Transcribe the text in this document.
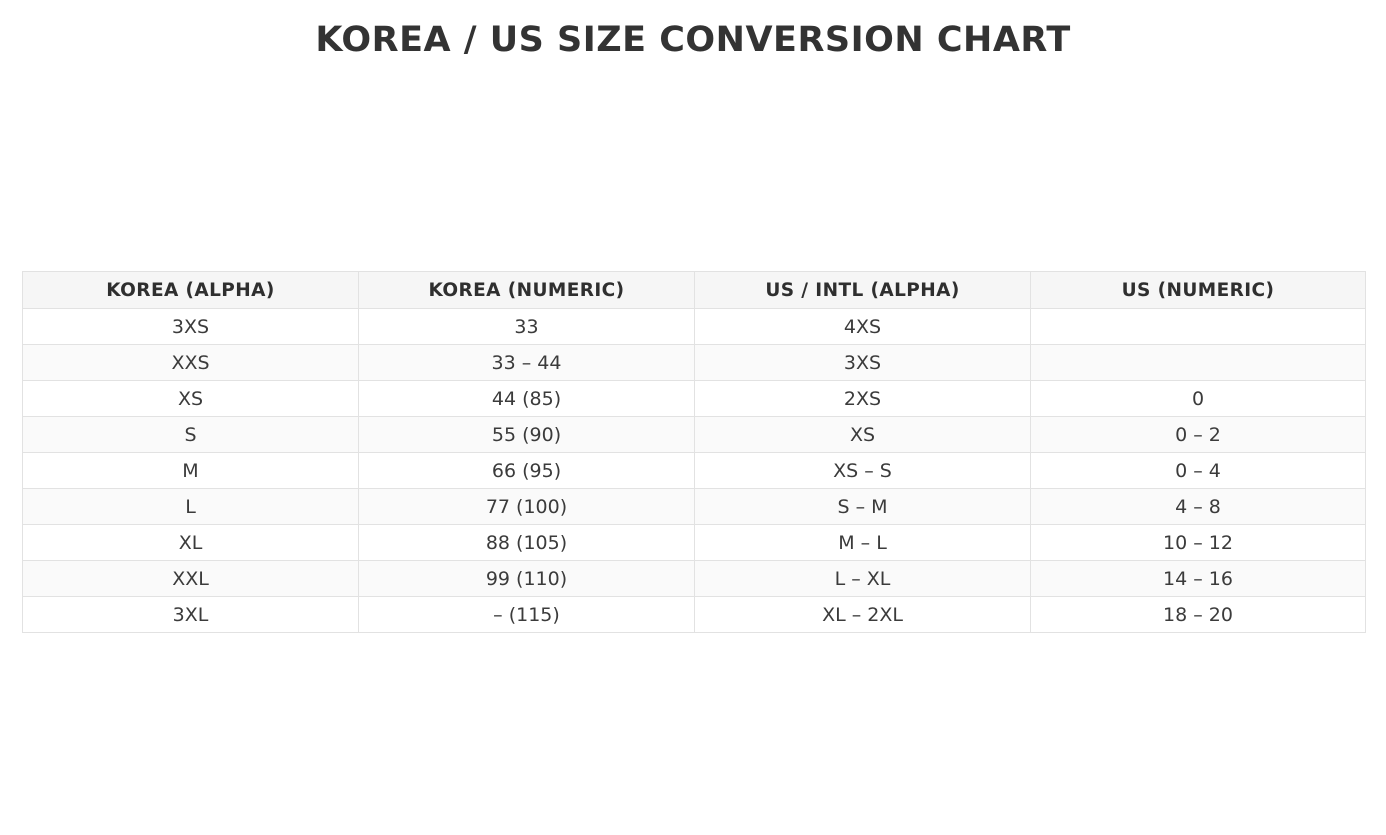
KOREA / US SIZE CONVERSION CHART
KOREA (ALPHA)	KOREA (NUMERIC)	US / INTL (ALPHA)	US (NUMERIC)
3XS	33	4XS	
XXS	33 – 44	3XS	
XS	44 (85)	2XS	0
S	55 (90)	XS	0 – 2
M	66 (95)	XS – S	0 – 4
L	77 (100)	S – M	4 – 8
XL	88 (105)	M – L	10 – 12
XXL	99 (110)	L – XL	14 – 16
3XL	– (115)	XL – 2XL	18 – 20
